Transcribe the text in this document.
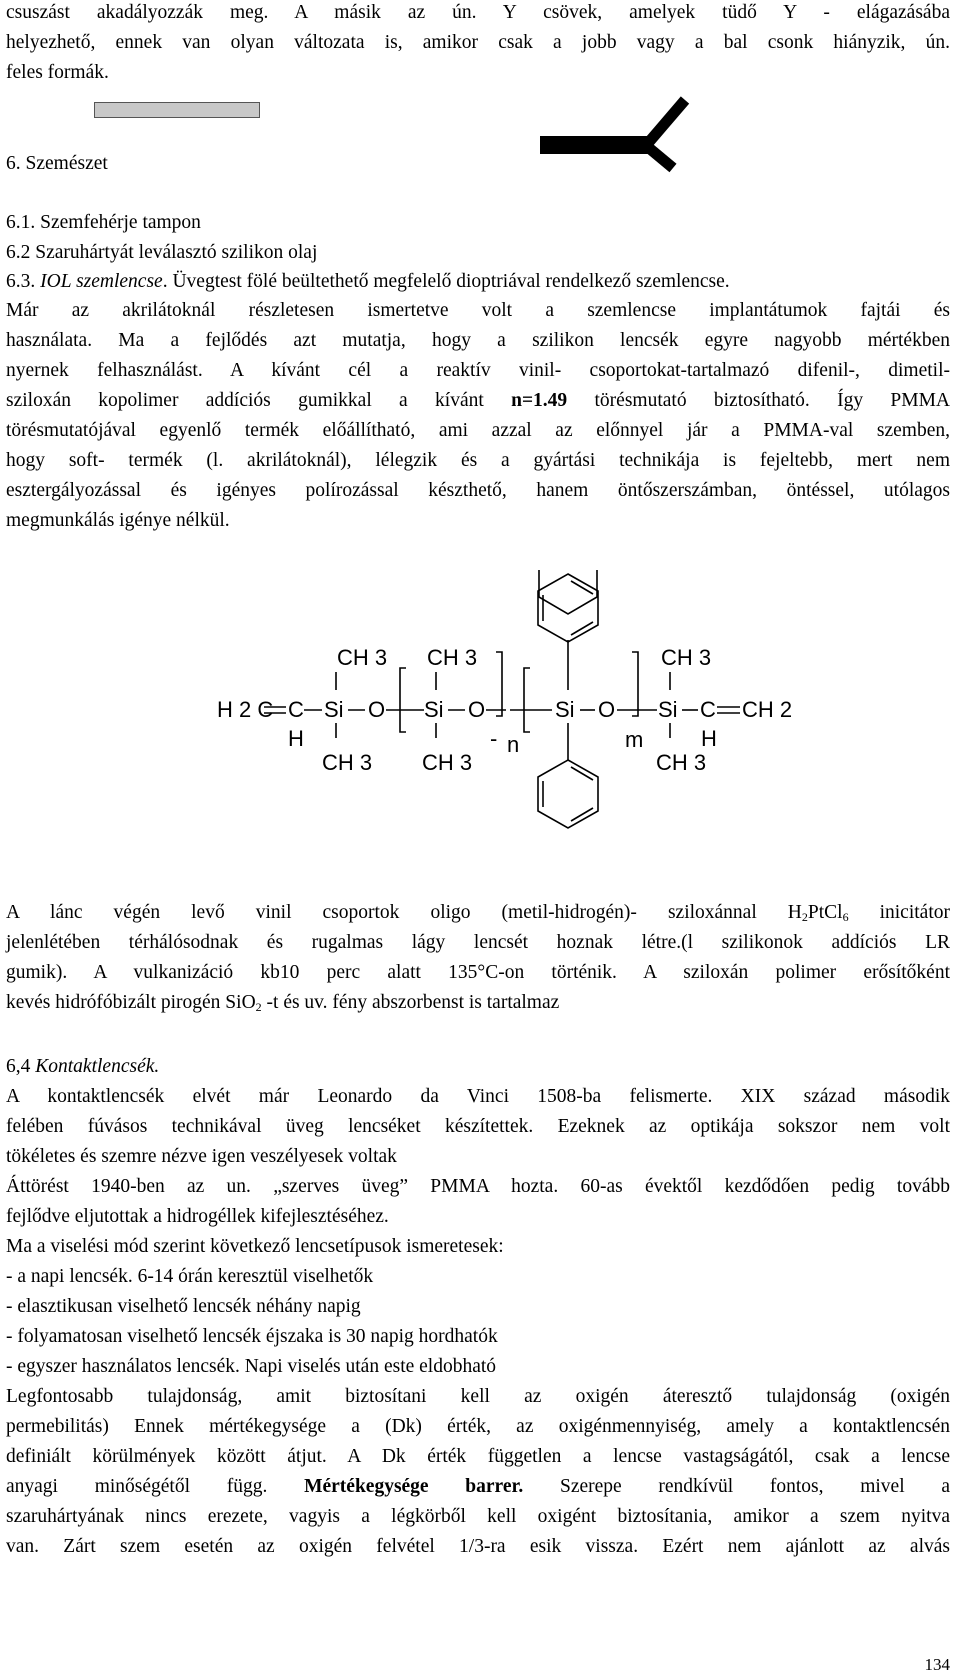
csuszást akadályozzák meg. A másik az ún. Y csövek, amelyek tüdő Y - elágazásába
helyezhető, ennek van olyan változata is, amikor csak a jobb vagy a bal csonk hiányzik, ún.
feles formák.
6. Szemészet
6.1. Szemfehérje tampon
6.2 Szaruhártyát leválasztó szilikon olaj
6.3. IOL szemlencse. Üvegtest fölé beültethető megfelelő dioptriával rendelkező szemlencse.
Már az akrilátoknál részletesen ismertetve volt a szemlencse implantátumok fajtái és
használata. Ma a fejlődés azt mutatja, hogy a szilikon lencsék egyre nagyobb mértékben
nyernek felhasználást. A kívánt cél a reaktív vinil- csoportokat-tartalmazó difenil-, dimetil-
sziloxán kopolimer addíciós gumikkal a kívánt n=1.49 törésmutató biztosítható. Így PMMA
törésmutatójával egyenlő termék előállítható, ami azzal az előnnyel jár a PMMA-val szemben,
hogy soft- termék (l. akrilátoknál), lélegzik és a gyártási technikája is fejeltebb, mert nem
esztergályozással és igényes polírozással készthető, hanem öntőszerszámban, öntéssel, utólagos
megmunkálás igénye nélkül.
H 2 C C
H
CH 3
Si
CH 3
O
CH 3
Si
CH 3
O
- n
Si O
m
CH 3
Si
CH 3
C
H
CH 2
A lánc végén levő vinil csoportok oligo (metil-hidrogén)- sziloxánnal $H_2PtCl_6$ inicitátor
jelenlétében térhálósodnak és rugalmas lágy lencsét hoznak létre.(l szilikonok addíciós LR
gumik). A vulkanizáció kb10 perc alatt 135°C-on történik. A sziloxán polimer erősítőként
kevés hidrófóbizált pirogén SiO$_2$ -t és uv. fény abszorbenst is tartalmaz
6,4 Kontaktlencsék.
A kontaktlencsék elvét már Leonardo da Vinci 1508-ba felismerte. XIX század második
felében fúvásos technikával üveg lencséket készítettek. Ezeknek az optikája sokszor nem volt
tökéletes és szemre nézve igen veszélyesek voltak
Áttörést 1940-ben az un. „szerves üveg” PMMA hozta. 60-as évektől kezdődően pedig tovább
fejlődve eljutottak a hidrogéllek kifejlesztéséhez.
Ma a viselési mód szerint következő lencsetípusok ismeretesek:
- a napi lencsék. 6-14 órán keresztül viselhetők
- elasztikusan viselhető lencsék néhány napig
- folyamatosan viselhető lencsék éjszaka is 30 napig hordhatók
- egyszer használatos lencsék. Napi viselés után este eldobható
Legfontosabb tulajdonság, amit biztosítani kell az oxigén áteresztő tulajdonság (oxigén
permebilitás) Ennek mértékegysége a (Dk) érték, az oxigénmennyiség, amely a kontaktlencsén
definiált körülmények között átjut. A Dk érték független a lencse vastagságától, csak a lencse
anyagi minőségétől függ. Mértékegysége barrer. Szerepe rendkívül fontos, mivel a
szaruhártyának nincs erezete, vagyis a légkörből kell oxigént biztosítania, amikor a szem nyitva
van. Zárt szem esetén az oxigén felvétel 1/3-ra esik vissza. Ezért nem ajánlott az alvás
134
